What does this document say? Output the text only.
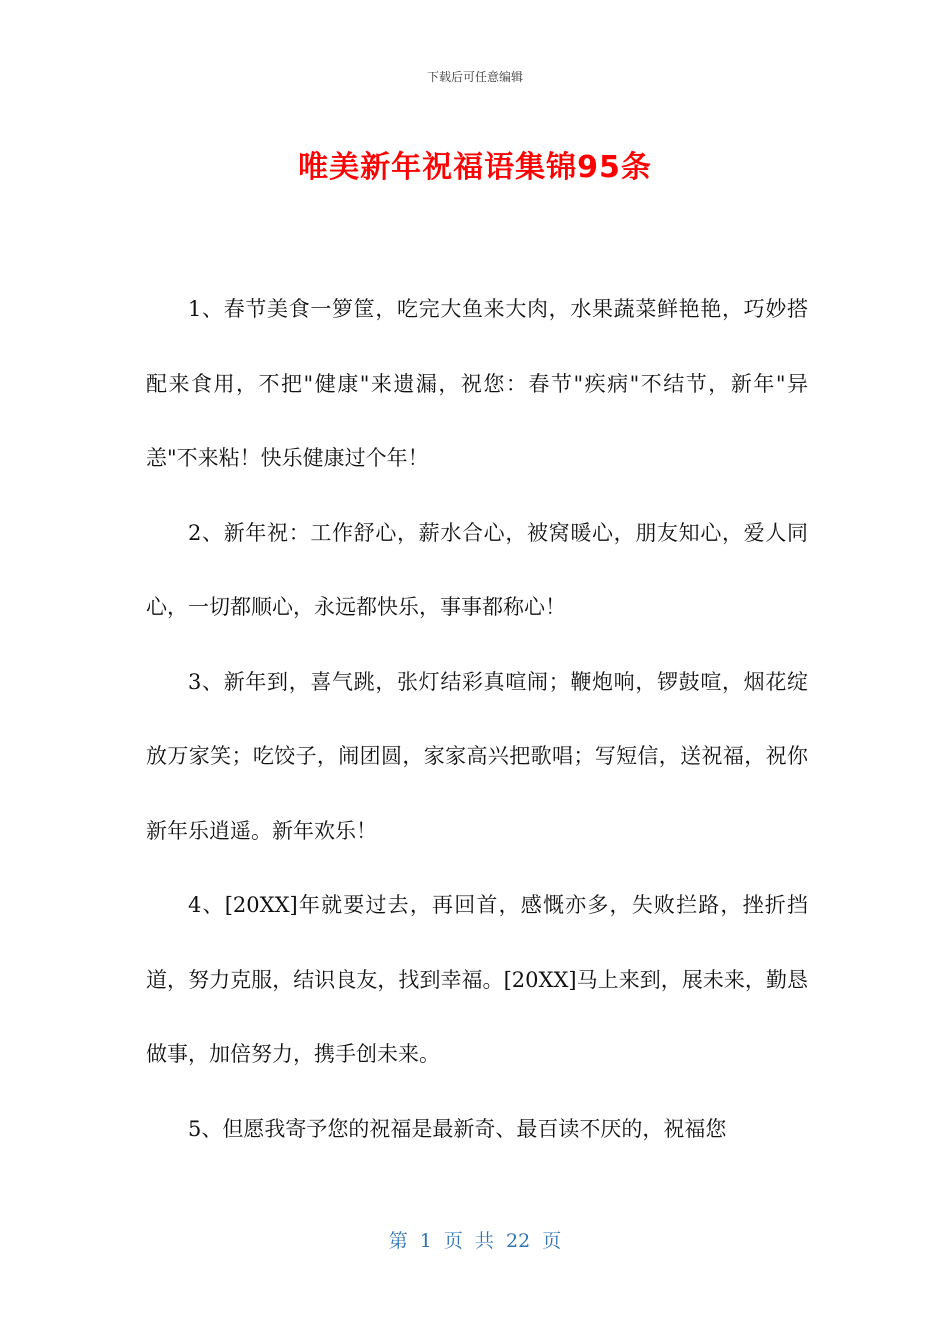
下载后可任意编辑
唯美新年祝福语集锦95条

1、春节美食一箩筐，吃完大鱼来大肉，水果蔬菜鲜艳艳，巧妙搭配来食用，不把"健康"来遗漏，祝您：春节"疾病"不结节，新年"异恙"不来粘！快乐健康过个年！

2、新年祝：工作舒心，薪水合心，被窝暖心，朋友知心，爱人同心，一切都顺心，永远都快乐，事事都称心！

3、新年到，喜气跳，张灯结彩真喧闹；鞭炮响，锣鼓喧，烟花绽放万家笑；吃饺子，闹团圆，家家高兴把歌唱；写短信，送祝福，祝你新年乐逍遥。新年欢乐！

4、[20XX]年就要过去，再回首，感慨亦多，失败拦路，挫折挡道，努力克服，结识良友，找到幸福。[20XX]马上来到，展未来，勤恳做事，加倍努力，携手创未来。

5、但愿我寄予您的祝福是最新奇、最百读不厌的，祝福您

第 1 页 共 22 页
